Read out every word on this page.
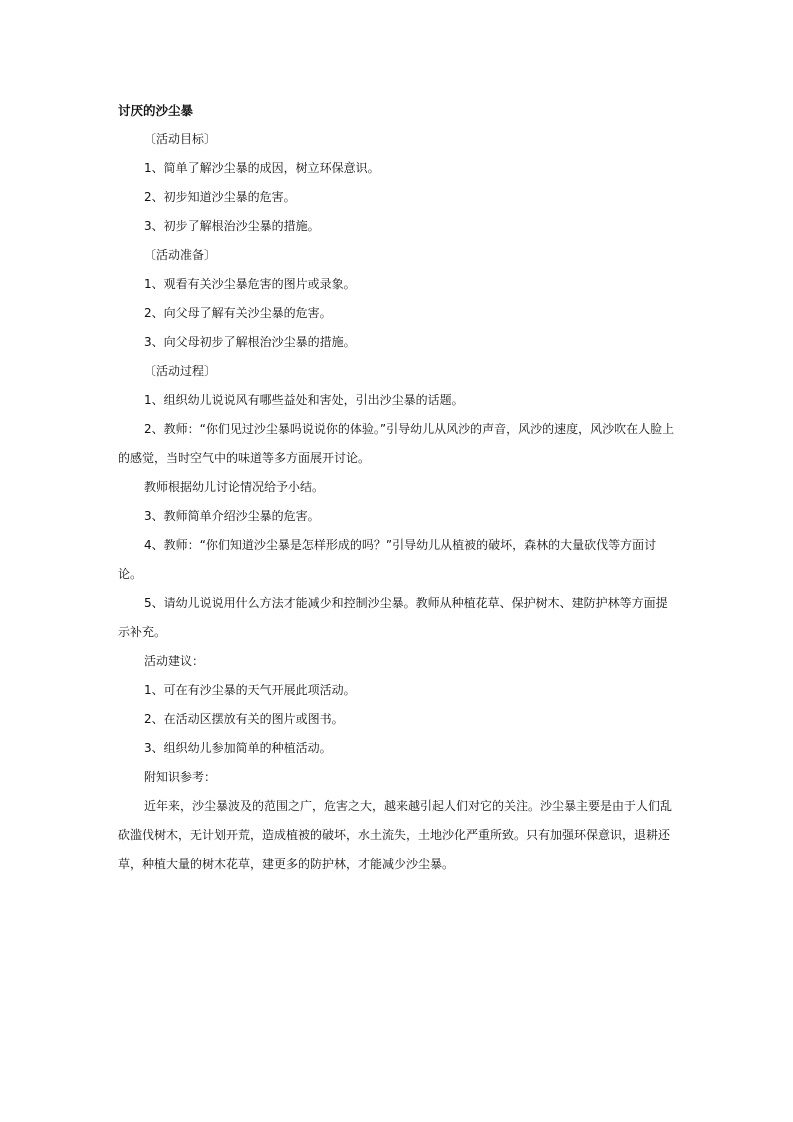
讨厌的沙尘暴

〔活动目标〕

1、简单了解沙尘暴的成因，树立环保意识。

2、初步知道沙尘暴的危害。

3、初步了解根治沙尘暴的措施。

〔活动准备〕

1、观看有关沙尘暴危害的图片或录象。

2、向父母了解有关沙尘暴的危害。

3、向父母初步了解根治沙尘暴的措施。

〔活动过程〕

1、组织幼儿说说风有哪些益处和害处，引出沙尘暴的话题。

2、教师：“你们见过沙尘暴吗说说你的体验。”引导幼儿从风沙的声音，风沙的速度，风沙吹在人脸上的感觉，当时空气中的味道等多方面展开讨论。

教师根据幼儿讨论情况给予小结。

3、教师简单介绍沙尘暴的危害。

4、教师：“你们知道沙尘暴是怎样形成的吗？”引导幼儿从植被的破坏，森林的大量砍伐等方面讨论。

5、请幼儿说说用什么方法才能减少和控制沙尘暴。教师从种植花草、保护树木、建防护林等方面提示补充。

活动建议：

1、可在有沙尘暴的天气开展此项活动。

2、在活动区摆放有关的图片或图书。

3、组织幼儿参加简单的种植活动。

附知识参考：

近年来，沙尘暴波及的范围之广，危害之大，越来越引起人们对它的关注。沙尘暴主要是由于人们乱砍滥伐树木，无计划开荒，造成植被的破坏，水土流失，土地沙化严重所致。只有加强环保意识，退耕还草，种植大量的树木花草，建更多的防护林，才能减少沙尘暴。
